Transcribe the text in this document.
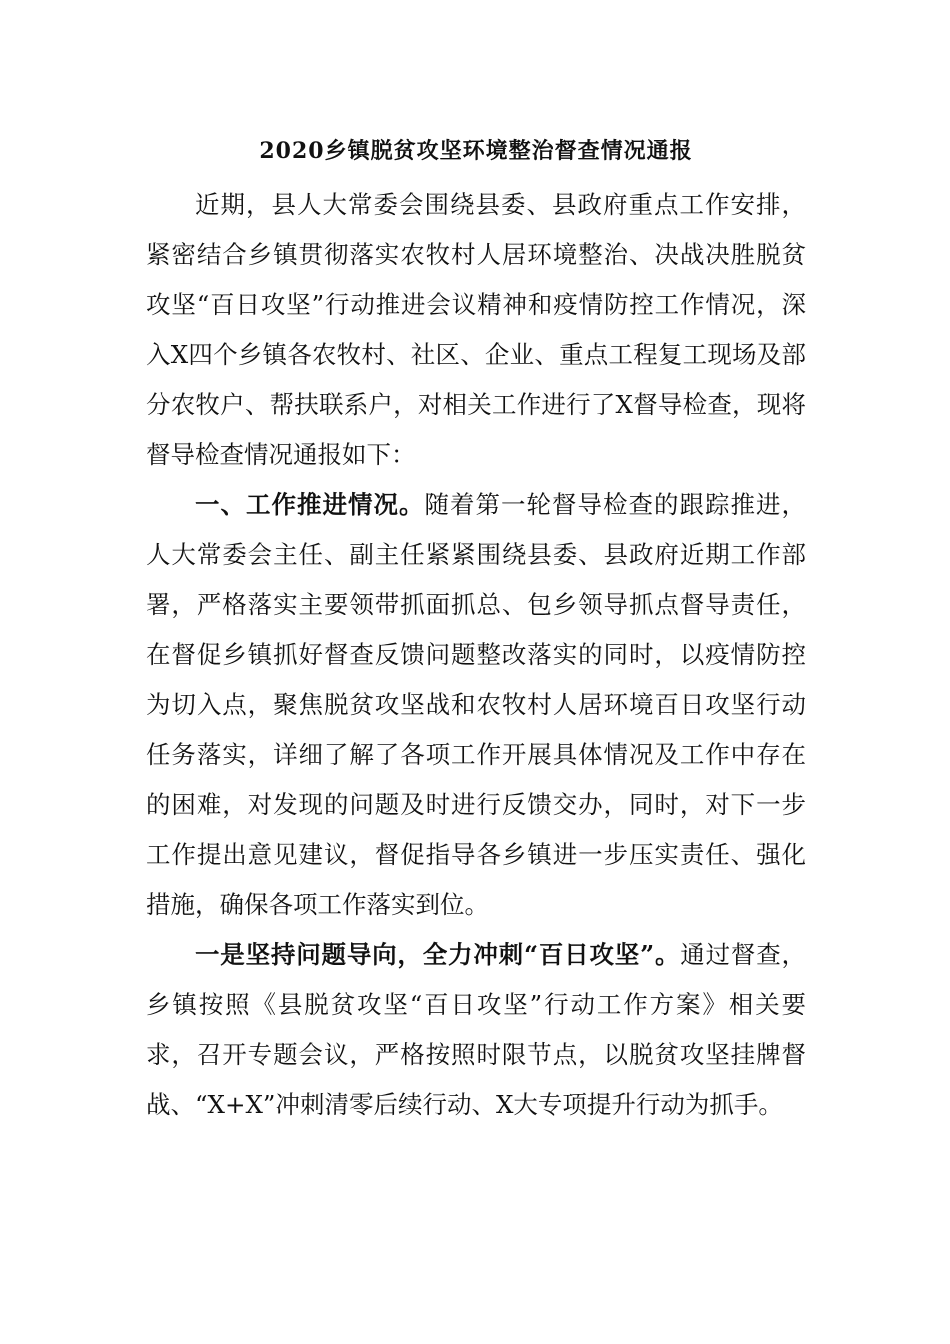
2020乡镇脱贫攻坚环境整治督查情况通报

近期，县人大常委会围绕县委、县政府重点工作安排，紧密结合乡镇贯彻落实农牧村人居环境整治、决战决胜脱贫攻坚“百日攻坚”行动推进会议精神和疫情防控工作情况，深入X四个乡镇各农牧村、社区、企业、重点工程复工现场及部分农牧户、帮扶联系户，对相关工作进行了X督导检查，现将督导检查情况通报如下：

一、工作推进情况。随着第一轮督导检查的跟踪推进，人大常委会主任、副主任紧紧围绕县委、县政府近期工作部署，严格落实主要领带抓面抓总、包乡领导抓点督导责任，在督促乡镇抓好督查反馈问题整改落实的同时，以疫情防控为切入点，聚焦脱贫攻坚战和农牧村人居环境百日攻坚行动任务落实，详细了解了各项工作开展具体情况及工作中存在的困难，对发现的问题及时进行反馈交办，同时，对下一步工作提出意见建议，督促指导各乡镇进一步压实责任、强化措施，确保各项工作落实到位。

一是坚持问题导向，全力冲刺“百日攻坚”。通过督查，乡镇按照《县脱贫攻坚“百日攻坚”行动工作方案》相关要求，召开专题会议，严格按照时限节点，以脱贫攻坚挂牌督战、“X+X”冲刺清零后续行动、X大专项提升行动为抓手。
